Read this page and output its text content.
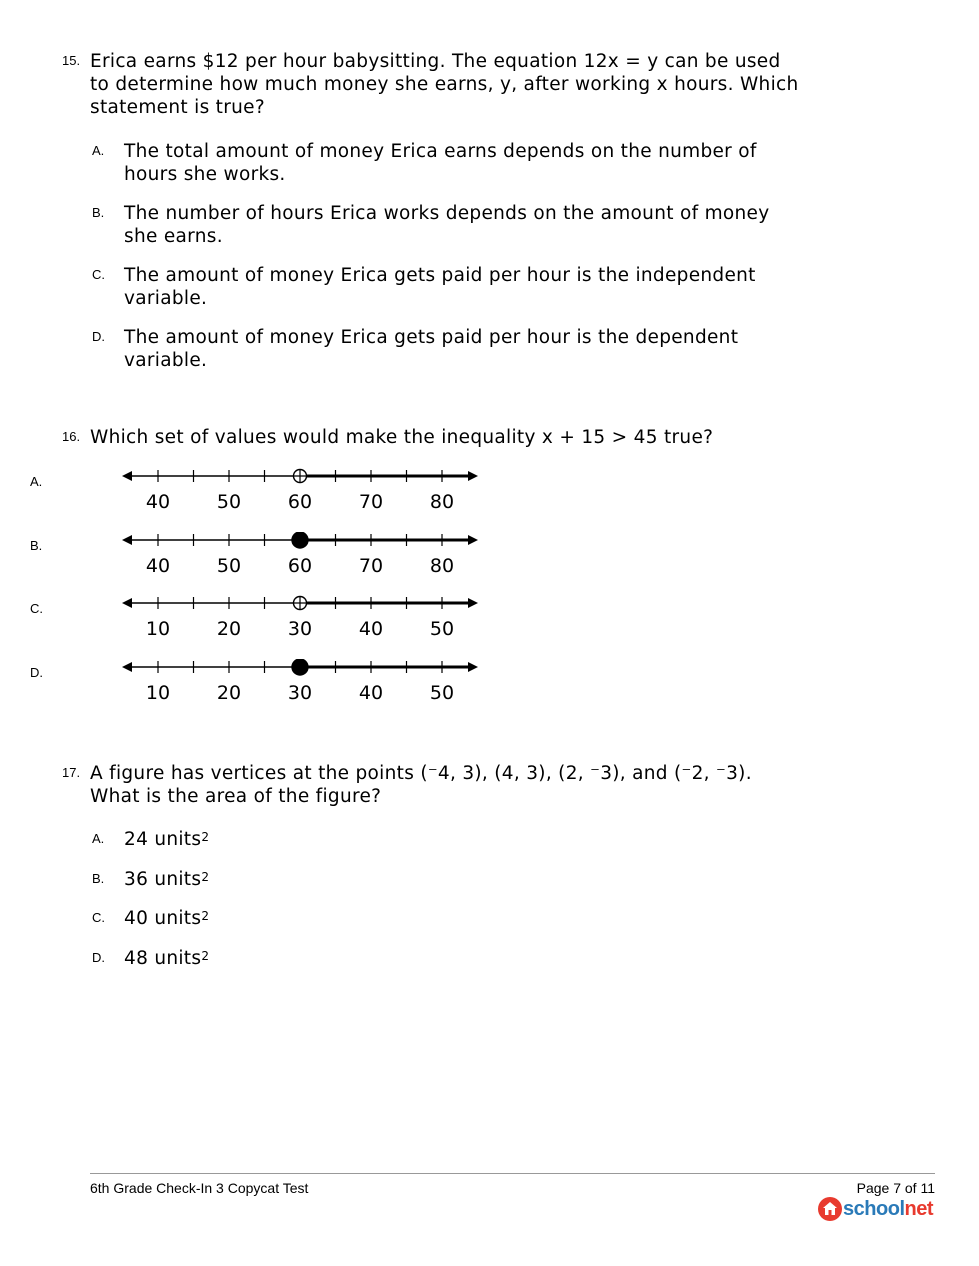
15. Erica earns $12 per hour babysitting. The equation 12x = y can be used
to determine how much money she earns, y, after working x hours. Which
statement is true?
A. The total amount of money Erica earns depends on the number of
hours she works.
B. The number of hours Erica works depends on the amount of money
she earns.
C. The amount of money Erica gets paid per hour is the independent
variable.
D. The amount of money Erica gets paid per hour is the dependent
variable.
16. Which set of values would make the inequality x + 15 > 45 true?
A.
40 50 60 70 80
B.
40 50 60 70 80
C.
10 20 30 40 50
D.
10 20 30 40 50
17. A figure has vertices at the points (⁻4, 3), (4, 3), (2, ⁻3), and (⁻2, ⁻3).
What is the area of the figure?
A. 24 units$^2$
B. 36 units$^2$
C. 40 units$^2$
D. 48 units$^2$
6th Grade Check-In 3 Copycat Test	Page 7 of 11
schoolnet
